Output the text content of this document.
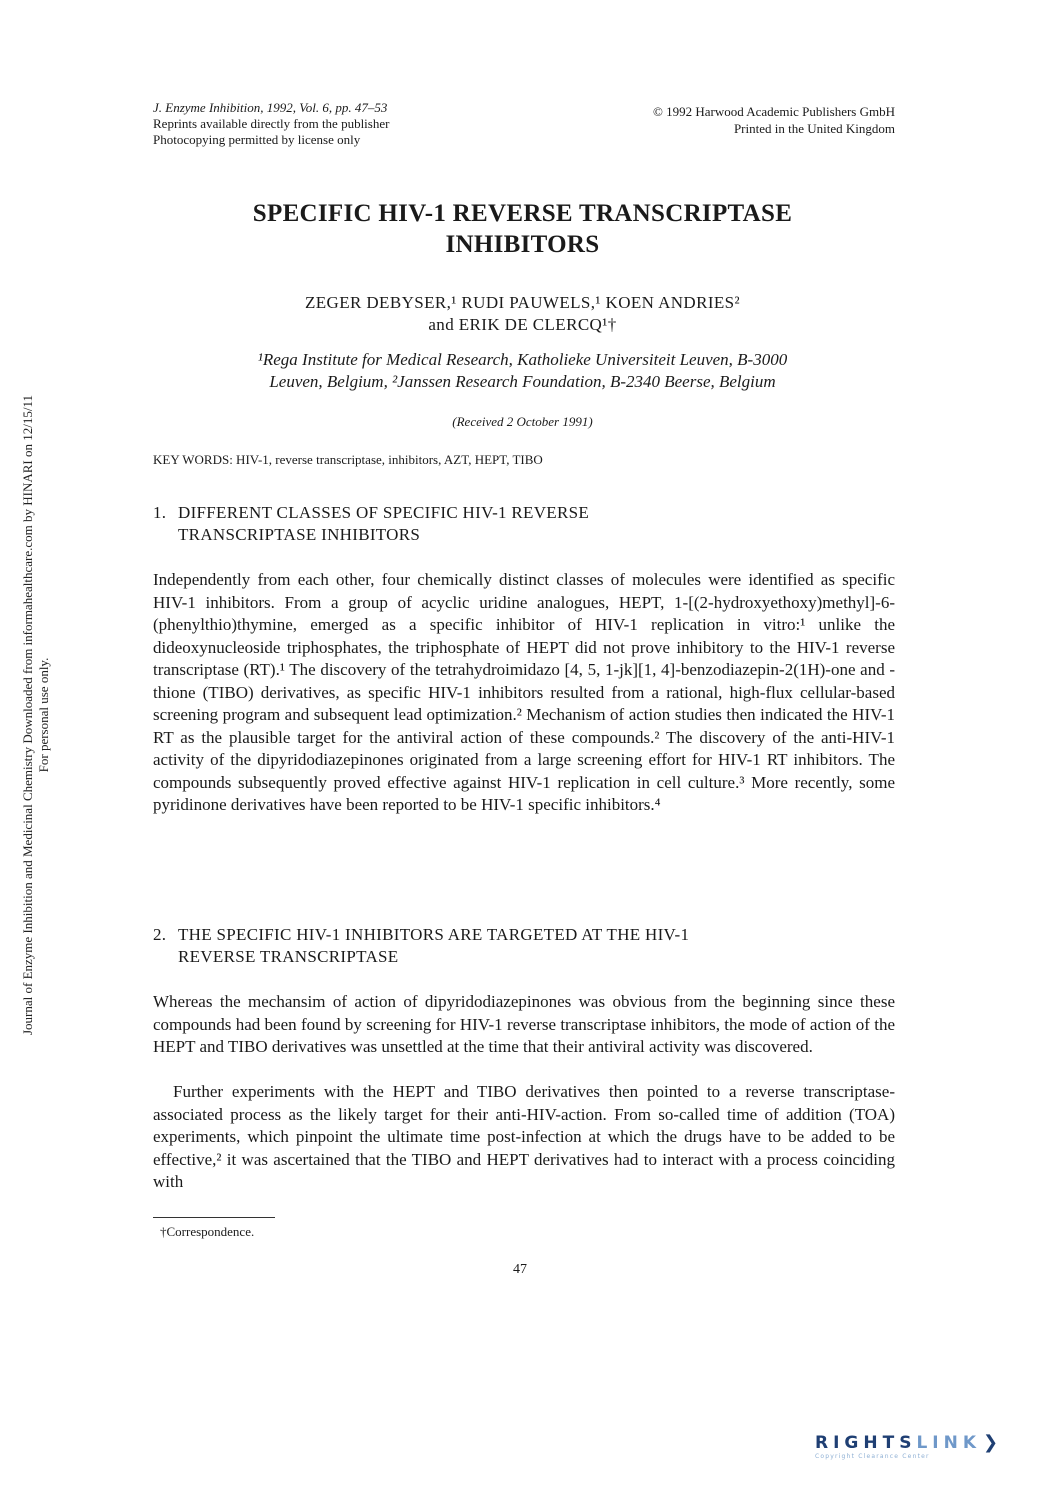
J. Enzyme Inhibition, 1992, Vol. 6, pp. 47–53
Reprints available directly from the publisher
Photocopying permitted by license only
© 1992 Harwood Academic Publishers GmbH
Printed in the United Kingdom
SPECIFIC HIV-1 REVERSE TRANSCRIPTASE
INHIBITORS
ZEGER DEBYSER,¹ RUDI PAUWELS,¹ KOEN ANDRIES²
and ERIK DE CLERCQ¹†
¹Rega Institute for Medical Research, Katholieke Universiteit Leuven, B-3000
Leuven, Belgium, ²Janssen Research Foundation, B-2340 Beerse, Belgium
(Received 2 October 1991)
KEY WORDS: HIV-1, reverse transcriptase, inhibitors, AZT, HEPT, TIBO
1. DIFFERENT CLASSES OF SPECIFIC HIV-1 REVERSE
TRANSCRIPTASE INHIBITORS

Independently from each other, four chemically distinct classes of molecules were identified as specific HIV-1 inhibitors. From a group of acyclic uridine analogues, HEPT, 1-[(2-hydroxyethoxy)methyl]-6-(phenylthio)thymine, emerged as a specific inhibitor of HIV-1 replication in vitro:¹ unlike the dideoxynucleoside triphosphates, the triphosphate of HEPT did not prove inhibitory to the HIV-1 reverse transcriptase (RT).¹ The discovery of the tetrahydroimidazo [4, 5, 1-jk][1, 4]-benzodiazepin-2(1H)-one and -thione (TIBO) derivatives, as specific HIV-1 inhibitors resulted from a rational, high-flux cellular-based screening program and subsequent lead optimization.² Mechanism of action studies then indicated the HIV-1 RT as the plausible target for the antiviral action of these compounds.² The discovery of the anti-HIV-1 activity of the dipyridodiazepinones originated from a large screening effort for HIV-1 RT inhibitors. The compounds subsequently proved effective against HIV-1 replication in cell culture.³ More recently, some pyridinone derivatives have been reported to be HIV-1 specific inhibitors.⁴

2. THE SPECIFIC HIV-1 INHIBITORS ARE TARGETED AT THE HIV-1
REVERSE TRANSCRIPTASE

Whereas the mechansim of action of dipyridodiazepinones was obvious from the beginning since these compounds had been found by screening for HIV-1 reverse transcriptase inhibitors, the mode of action of the HEPT and TIBO derivatives was unsettled at the time that their antiviral activity was discovered.

Further experiments with the HEPT and TIBO derivatives then pointed to a reverse transcriptase-associated process as the likely target for their anti-HIV-action. From so-called time of addition (TOA) experiments, which pinpoint the ultimate time post-infection at which the drugs have to be added to be effective,² it was ascertained that the TIBO and HEPT derivatives had to interact with a process coinciding with

†Correspondence.
47
Journal of Enzyme Inhibition and Medicinal Chemistry Downloaded from informahealthcare.com by HINARI on 12/15/11 For personal use only.
RIGHTS LINK ❯
Copyright Clearance Center
